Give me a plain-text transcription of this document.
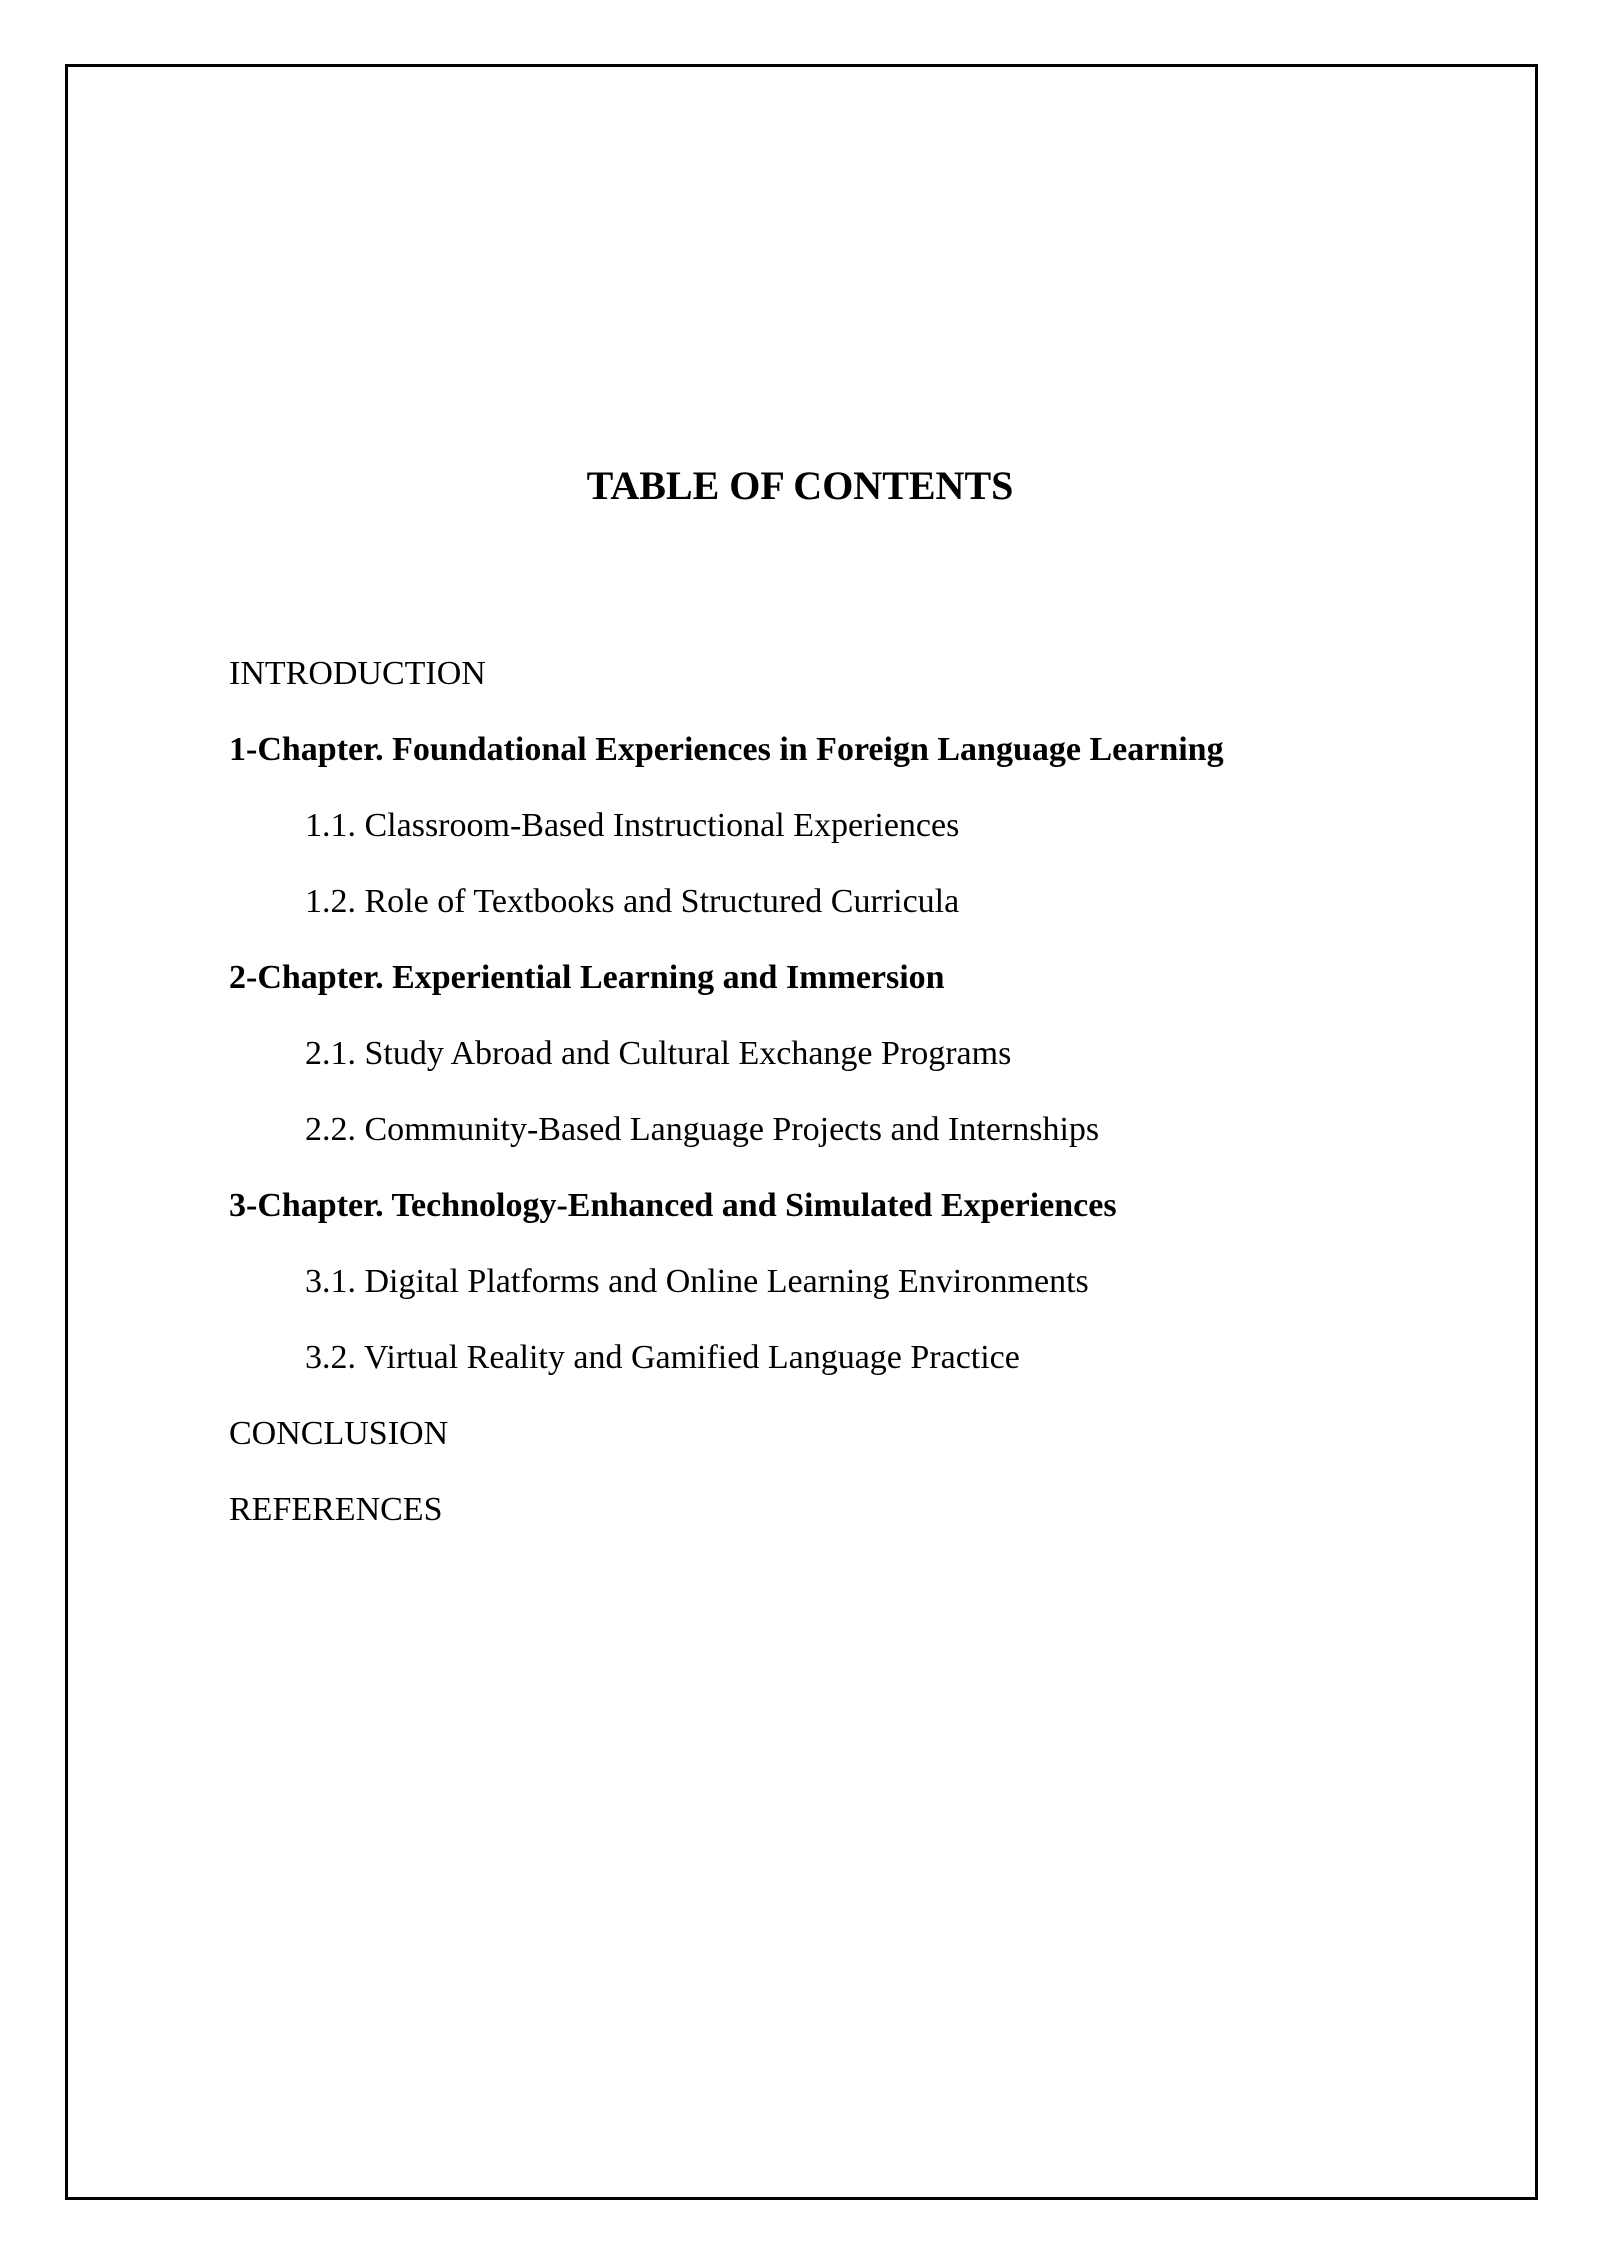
TABLE OF CONTENTS
INTRODUCTION
1-Chapter. Foundational Experiences in Foreign Language Learning
1.1. Classroom-Based Instructional Experiences
1.2. Role of Textbooks and Structured Curricula
2-Chapter. Experiential Learning and Immersion
2.1. Study Abroad and Cultural Exchange Programs
2.2. Community-Based Language Projects and Internships
3-Chapter. Technology-Enhanced and Simulated Experiences
3.1. Digital Platforms and Online Learning Environments
3.2. Virtual Reality and Gamified Language Practice
CONCLUSION
REFERENCES
